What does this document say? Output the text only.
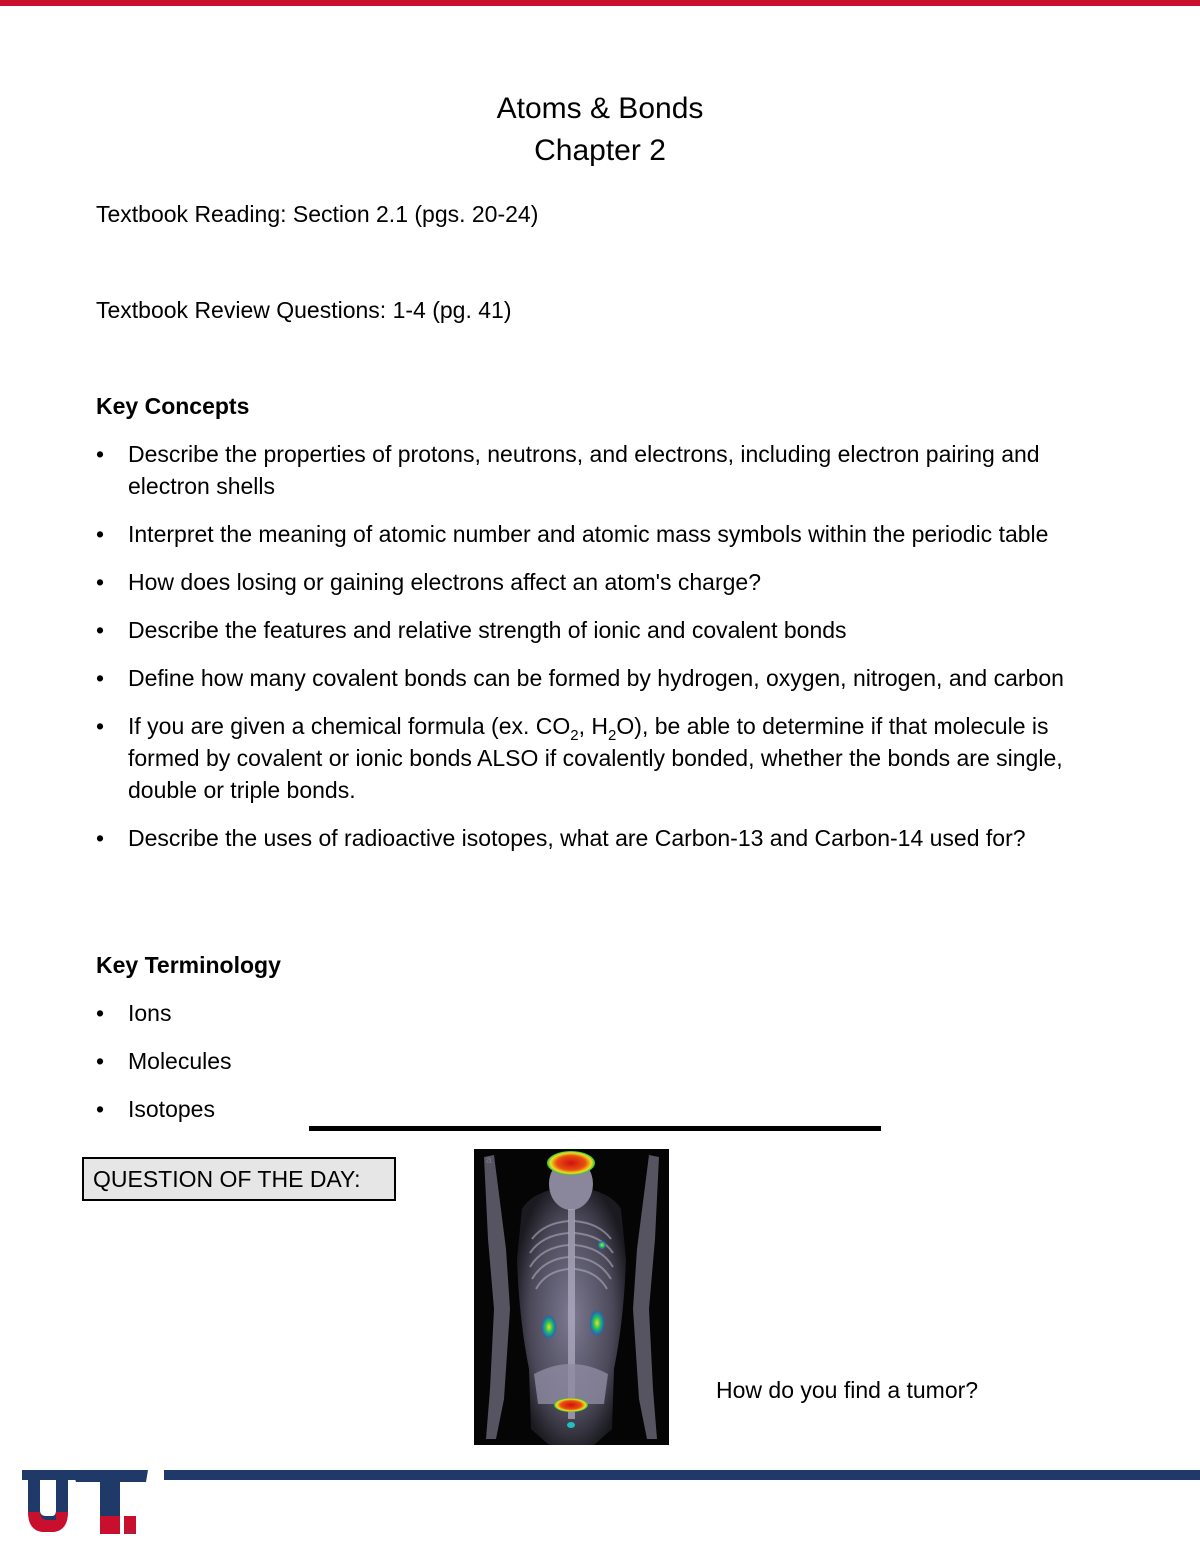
Atoms & Bonds
Chapter 2
Textbook Reading: Section 2.1 (pgs. 20-24)
Textbook Review Questions: 1-4 (pg. 41)
Key Concepts
• Describe the properties of protons, neutrons, and electrons, including electron pairing and electron shells
• Interpret the meaning of atomic number and atomic mass symbols within the periodic table
• How does losing or gaining electrons affect an atom's charge?
• Describe the features and relative strength of ionic and covalent bonds
• Define how many covalent bonds can be formed by hydrogen, oxygen, nitrogen, and carbon
• If you are given a chemical formula (ex. $CO_2$, $H_2O$), be able to determine if that molecule is formed by covalent or ionic bonds ALSO if covalently bonded, whether the bonds are single, double or triple bonds.
• Describe the uses of radioactive isotopes, what are Carbon-13 and Carbon-14 used for?
Key Terminology
• Ions
• Molecules
• Isotopes
QUESTION OF THE DAY:
How do you find a tumor?
™
